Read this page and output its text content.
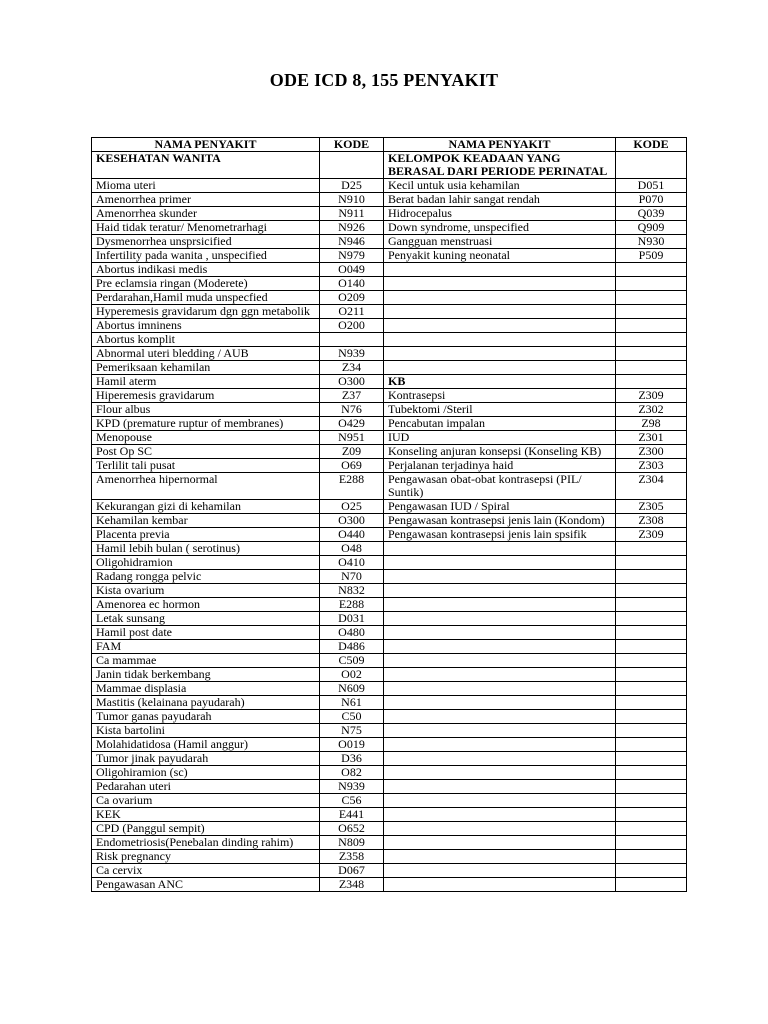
ODE ICD 8, 155 PENYAKIT
NAMA PENYAKIT	KODE	NAMA PENYAKIT	KODE
KESEHATAN WANITA		KELOMPOK KEADAAN YANG BERASAL DARI PERIODE PERINATAL	
Mioma uteri	D25	Kecil untuk usia kehamilan	D051
Amenorrhea primer	N910	Berat badan lahir sangat rendah	P070
Amenorrhea skunder	N911	Hidrocepalus	Q039
Haid tidak teratur/ Menometrarhagi	N926	Down syndrome, unspecified	Q909
Dysmenorrhea unsprsicified	N946	Gangguan menstruasi	N930
Infertility pada wanita , unspecified	N979	Penyakit kuning neonatal	P509
Abortus indikasi medis	O049		
Pre eclamsia ringan (Moderete)	O140		
Perdarahan,Hamil muda unspecfied	O209		
Hyperemesis gravidarum dgn ggn metabolik	O211		
Abortus imninens	O200		
Abortus komplit			
Abnormal uteri bledding / AUB	N939		
Pemeriksaan kehamilan	Z34		
Hamil aterm	O300	KB	
Hiperemesis gravidarum	Z37	Kontrasepsi	Z309
Flour albus	N76	Tubektomi /Steril	Z302
KPD (premature ruptur of membranes)	O429	Pencabutan impalan	Z98
Menopouse	N951	IUD	Z301
Post Op SC	Z09	Konseling anjuran konsepsi (Konseling KB)	Z300
Terlilit tali pusat	O69	Perjalanan terjadinya haid	Z303
Amenorrhea hipernormal	E288	Pengawasan obat-obat kontrasepsi (PIL/ Suntik)	Z304
Kekurangan gizi di kehamilan	O25	Pengawasan IUD / Spiral	Z305
Kehamilan kembar	O300	Pengawasan kontrasepsi jenis lain (Kondom)	Z308
Placenta previa	O440	Pengawasan kontrasepsi jenis lain spsifik	Z309
Hamil lebih bulan ( serotinus)	O48		
Oligohidramion	O410		
Radang rongga pelvic	N70		
Kista ovarium	N832		
Amenorea ec hormon	E288		
Letak sunsang	D031		
Hamil post date	O480		
FAM	D486		
Ca mammae	C509		
Janin tidak berkembang	O02		
Mammae displasia	N609		
Mastitis (kelainana payudarah)	N61		
Tumor ganas payudarah	C50		
Kista bartolini	N75		
Molahidatidosa (Hamil anggur)	O019		
Tumor jinak payudarah	D36		
Oligohiramion (sc)	O82		
Pedarahan uteri	N939		
Ca ovarium	C56		
KEK	E441		
CPD (Panggul sempit)	O652		
Endometriosis(Penebalan dinding rahim)	N809		
Risk pregnancy	Z358		
Ca cervix	D067		
Pengawasan ANC	Z348		
